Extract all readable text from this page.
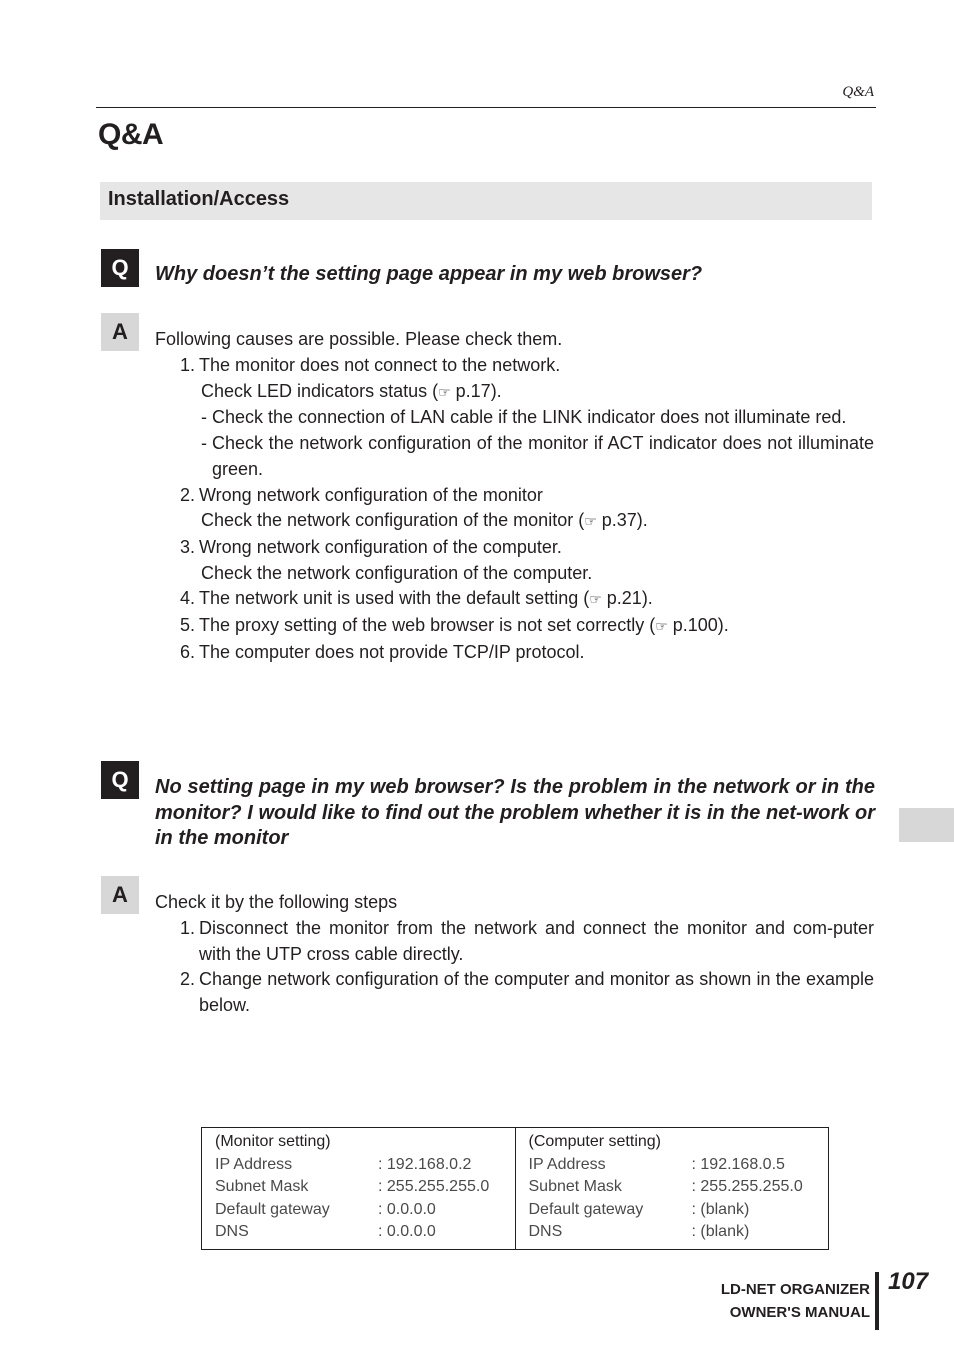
Q&A
Q&A
Installation/Access
Q	Why doesn’t the setting page appear in my web browser?
A	Following causes are possible. Please check them.
1. The monitor does not connect to the network.
Check LED indicators status (☞ p.17).
- Check the connection of LAN cable if the LINK indicator does not illuminate red.
- Check the network configuration of the monitor if ACT indicator does not illuminate green.
2. Wrong network configuration of the monitor
Check the network configuration of the monitor (☞ p.37).
3. Wrong network configuration of the computer.
Check the network configuration of the computer.
4. The network unit is used with the default setting (☞ p.21).
5. The proxy setting of the web browser is not set correctly (☞ p.100).
6. The computer does not provide TCP/IP protocol.
Q	No setting page in my web browser? Is the problem in the network or in the monitor? I would like to find out the problem whether it is in the net-work or in the monitor
A	Check it by the following steps
1. Disconnect the monitor from the network and connect the monitor and com-puter with the UTP cross cable directly.
2. Change network configuration of the computer and monitor as shown in the example below.
(Monitor setting)
IP Address	: 192.168.0.2
Subnet Mask	: 255.255.255.0
Default gateway	: 0.0.0.0
DNS	: 0.0.0.0
(Computer setting)
IP Address	: 192.168.0.5
Subnet Mask	: 255.255.255.0
Default gateway	: (blank)
DNS	: (blank)
LD-NET ORGANIZER
OWNER'S MANUAL
107
